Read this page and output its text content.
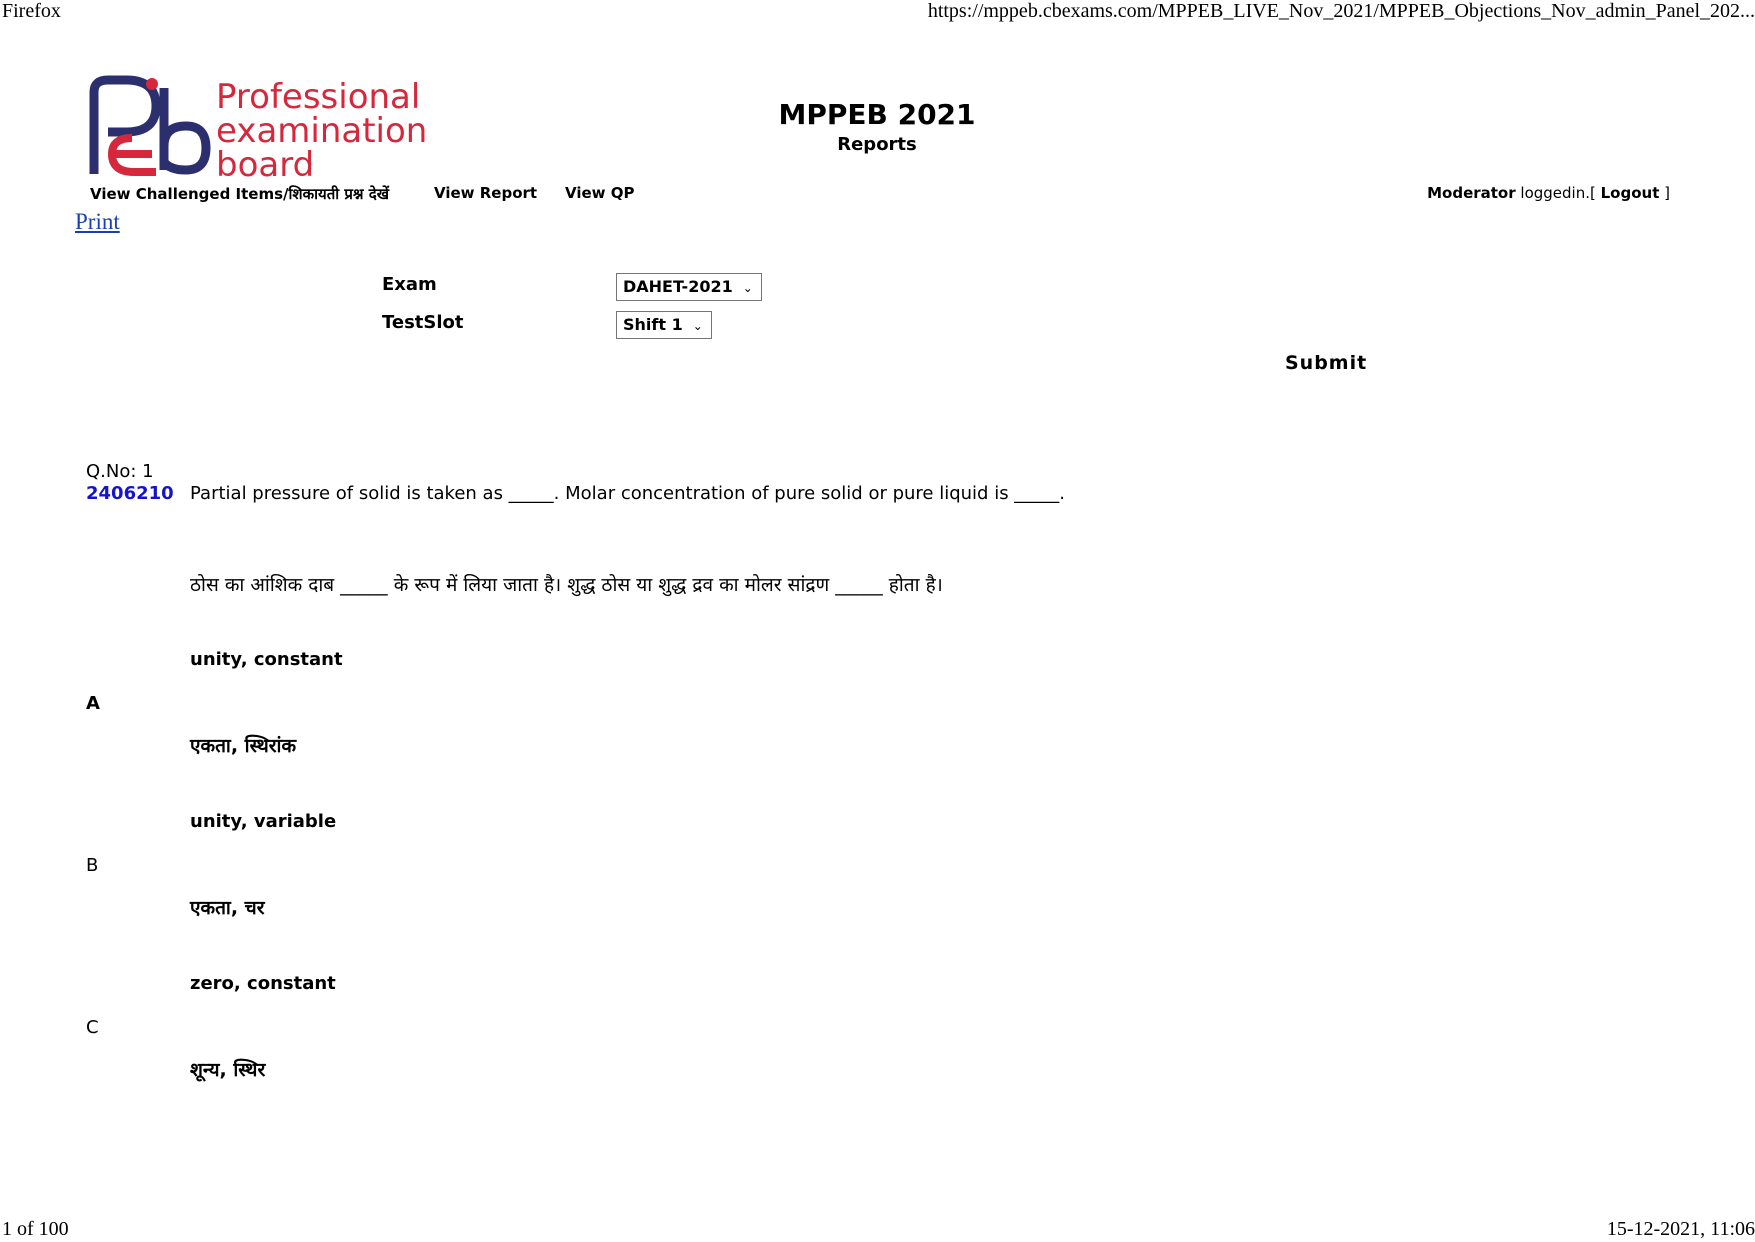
Firefox	https://mppeb.cbexams.com/MPPEB_LIVE_Nov_2021/MPPEB_Objections_Nov_admin_Panel_202...
Professional
examination
board
MPPEB 2021
Reports
View Challenged Items/शिकायती प्रश्न देखें	View Report View QP	Moderator loggedin.[ Logout ]
Print
Exam	DAHET-2021 ⌄
TestSlot	Shift 1 ⌄
Submit
Q.No: 1
2406210 Partial pressure of solid is taken as _____. Molar concentration of pure solid or pure liquid is _____.
ठोस का आंशिक दाब _____ के रूप में लिया जाता है। शुद्ध ठोस या शुद्ध द्रव का मोलर सांद्रण _____ होता है।
unity, constant
A
एकता, स्थिरांक
unity, variable
B
एकता, चर
zero, constant
C
शून्य, स्थिर
1 of 100	15-12-2021, 11:06
